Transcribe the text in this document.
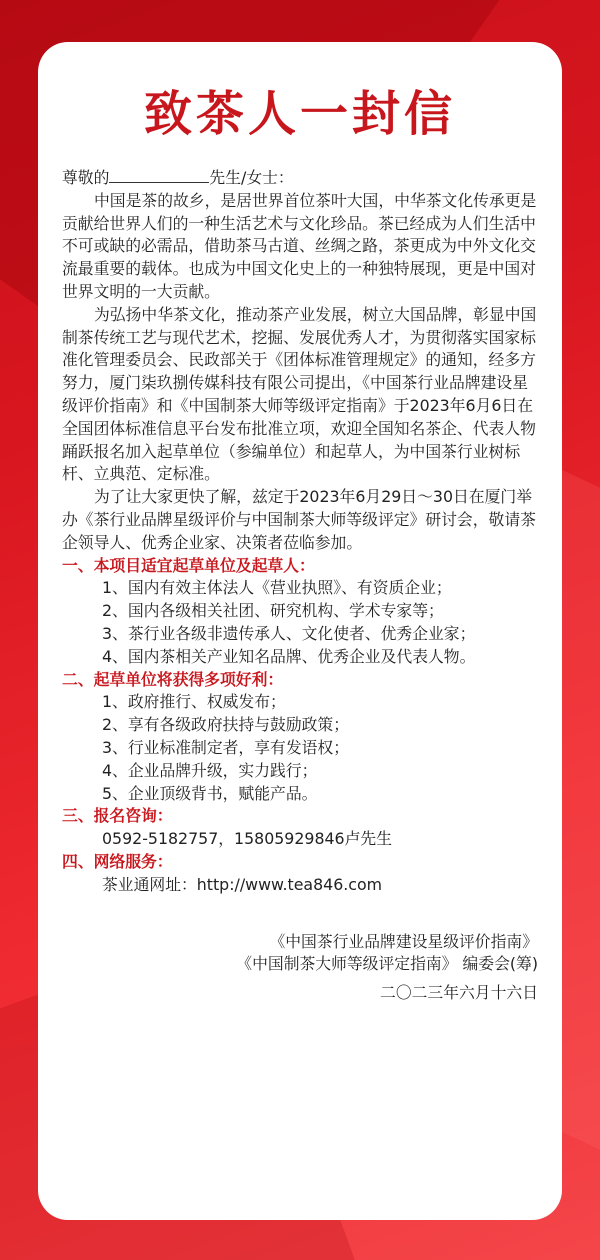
致茶人一封信

尊敬的	先生/女士：

中国是茶的故乡，是居世界首位茶叶大国，中华茶文化传承更是贡献给世界人们的一种生活艺术与文化珍品。茶已经成为人们生活中不可或缺的必需品，借助茶马古道、丝绸之路，茶更成为中外文化交流最重要的载体。也成为中国文化史上的一种独特展现，更是中国对世界文明的一大贡献。

为弘扬中华茶文化，推动茶产业发展，树立大国品牌，彰显中国制茶传统工艺与现代艺术，挖掘、发展优秀人才，为贯彻落实国家标准化管理委员会、民政部关于《团体标准管理规定》的通知，经多方努力，厦门柒玖捌传媒科技有限公司提出，《中国茶行业品牌建设星级评价指南》和《中国制茶大师等级评定指南》于2023年6月6日在全国团体标准信息平台发布批准立项，欢迎全国知名茶企、代表人物踊跃报名加入起草单位（参编单位）和起草人，为中国茶行业树标杆、立典范、定标准。

为了让大家更快了解，兹定于2023年6月29日～30日在厦门举办《茶行业品牌星级评价与中国制茶大师等级评定》研讨会，敬请茶企领导人、优秀企业家、决策者莅临参加。

一、本项目适宜起草单位及起草人：

1、国内有效主体法人《营业执照》、有资质企业；

2、国内各级相关社团、研究机构、学术专家等；

3、茶行业各级非遗传承人、文化使者、优秀企业家；

4、国内茶相关产业知名品牌、优秀企业及代表人物。

二、起草单位将获得多项好利：

1、政府推行、权威发布；

2、享有各级政府扶持与鼓励政策；

3、行业标准制定者，享有发语权；

4、企业品牌升级，实力践行；

5、企业顶级背书，赋能产品。

三、报名咨询：

0592-5182757，15805929846卢先生

四、网络服务：

茶业通网址：http://www.tea846.com

《中国茶行业品牌建设星级评价指南》

《中国制茶大师等级评定指南》 编委会(筹)

二〇二三年六月十六日
